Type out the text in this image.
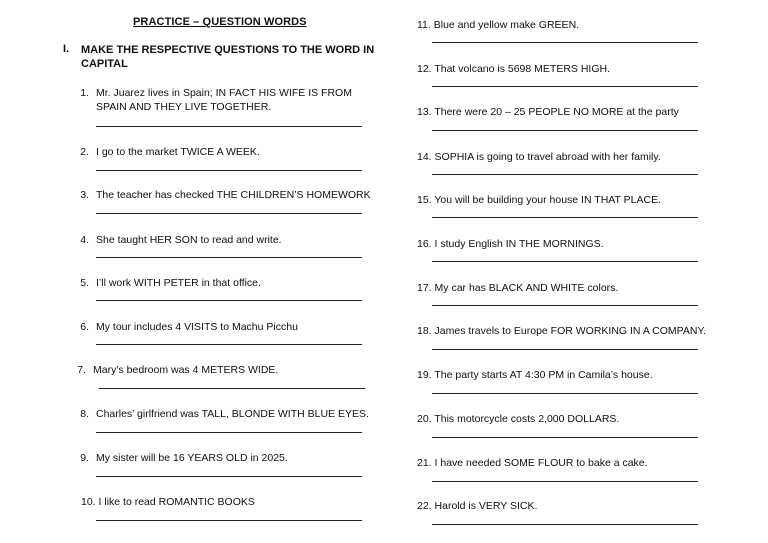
PRACTICE – QUESTION WORDS
I. MAKE THE RESPECTIVE QUESTIONS TO THE WORD IN CAPITAL
1. Mr. Juarez lives in Spain; IN FACT HIS WIFE IS FROM SPAIN AND THEY LIVE TOGETHER.
2. I go to the market TWICE A WEEK.
3. The teacher has checked THE CHILDREN’S HOMEWORK
4. She taught HER SON to read and write.
5. I’ll work WITH PETER in that office.
6. My tour includes 4 VISITS to Machu Picchu
7. Mary’s bedroom was 4 METERS WIDE.
8. Charles’ girlfriend was TALL, BLONDE WITH BLUE EYES.
9. My sister will be 16 YEARS OLD in 2025.
10. I like to read ROMANTIC BOOKS
11. Blue and yellow make GREEN.
12. That volcano is 5698 METERS HIGH.
13. There were 20 – 25 PEOPLE NO MORE at the party
14. SOPHIA is going to travel abroad with her family.
15. You will be building your house IN THAT PLACE.
16. I study English IN THE MORNINGS.
17. My car has BLACK AND WHITE colors.
18. James travels to Europe FOR WORKING IN A COMPANY.
19. The party starts AT 4:30 PM in Camila’s house.
20. This motorcycle costs 2,000 DOLLARS.
21. I have needed SOME FLOUR to bake a cake.
22. Harold is VERY SICK.
